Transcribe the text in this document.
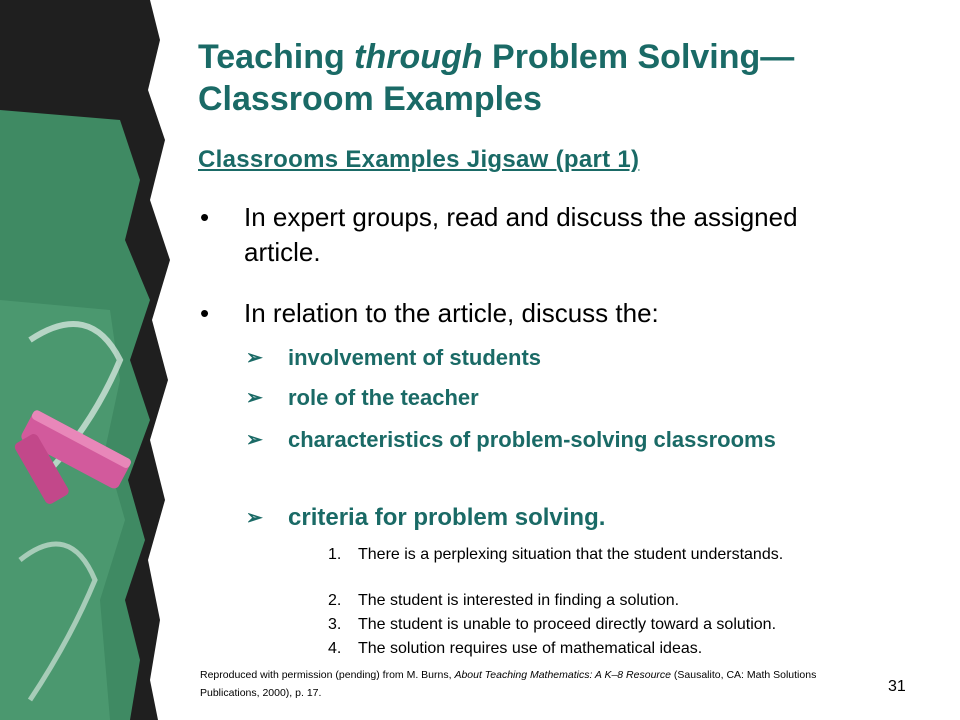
Teaching through Problem Solving—
Classroom Examples
Classrooms Examples Jigsaw (part 1)
• In expert groups, read and discuss the assigned article.
• In relation to the article, discuss the:
➢ involvement of students
➢ role of the teacher
➢ characteristics of problem-solving classrooms
➢ criteria for problem solving.
1. There is a perplexing situation that the student understands.
2. The student is interested in finding a solution.
3. The student is unable to proceed directly toward a solution.
4. The solution requires use of mathematical ideas.
Reproduced with permission (pending) from M. Burns, About Teaching Mathematics: A K–8 Resource (Sausalito, CA: Math Solutions Publications, 2000), p. 17.	31
